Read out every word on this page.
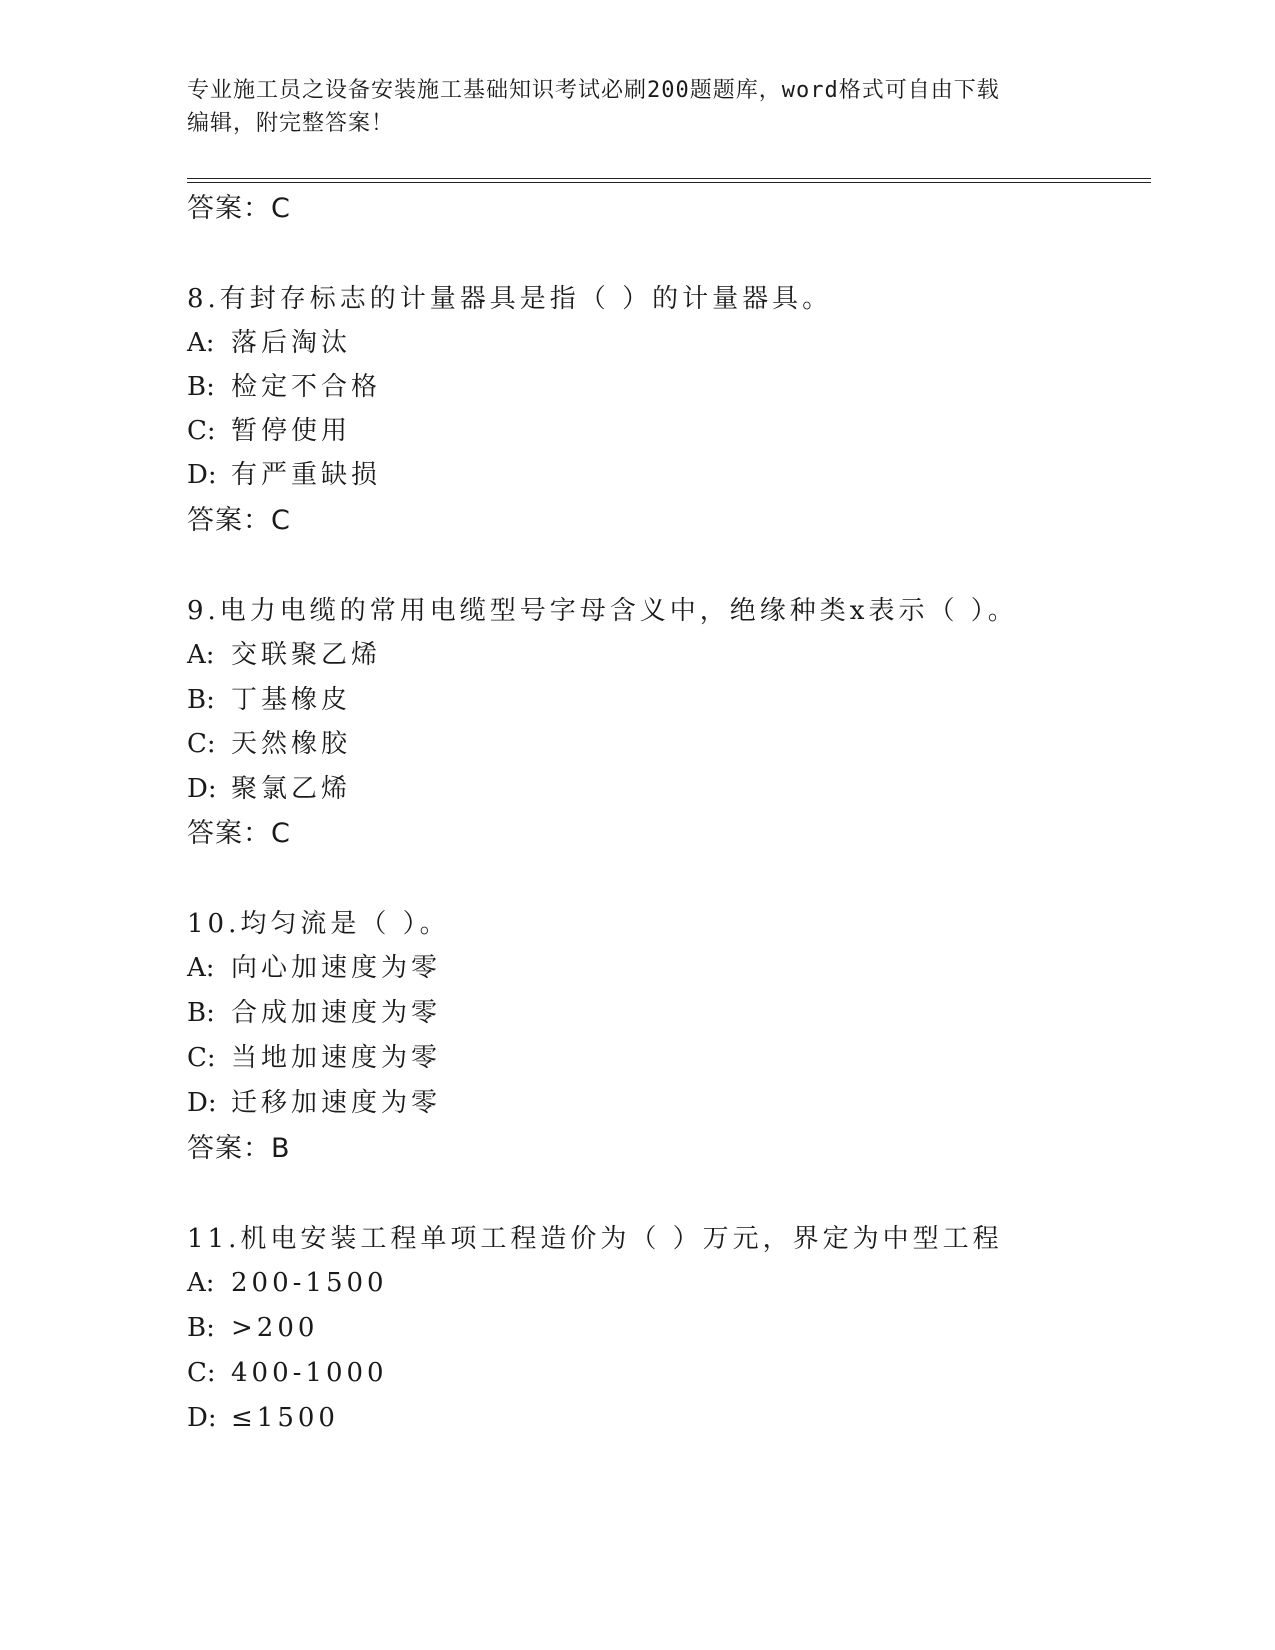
专业施工员之设备安装施工基础知识考试必刷200题题库，word格式可自由下载
编辑，附完整答案！
答案：C
8.有封存标志的计量器具是指（ ）的计量器具。
A: 落后淘汰
B: 检定不合格
C: 暂停使用
D: 有严重缺损
答案：C
9.电力电缆的常用电缆型号字母含义中，绝缘种类x表示（ ）。
A: 交联聚乙烯
B: 丁基橡皮
C: 天然橡胶
D: 聚氯乙烯
答案：C
10.均匀流是（ ）。
A: 向心加速度为零
B: 合成加速度为零
C: 当地加速度为零
D: 迁移加速度为零
答案：B
11.机电安装工程单项工程造价为（ ）万元，界定为中型工程
A: 200-1500
B: >200
C: 400-1000
D: ≤1500
